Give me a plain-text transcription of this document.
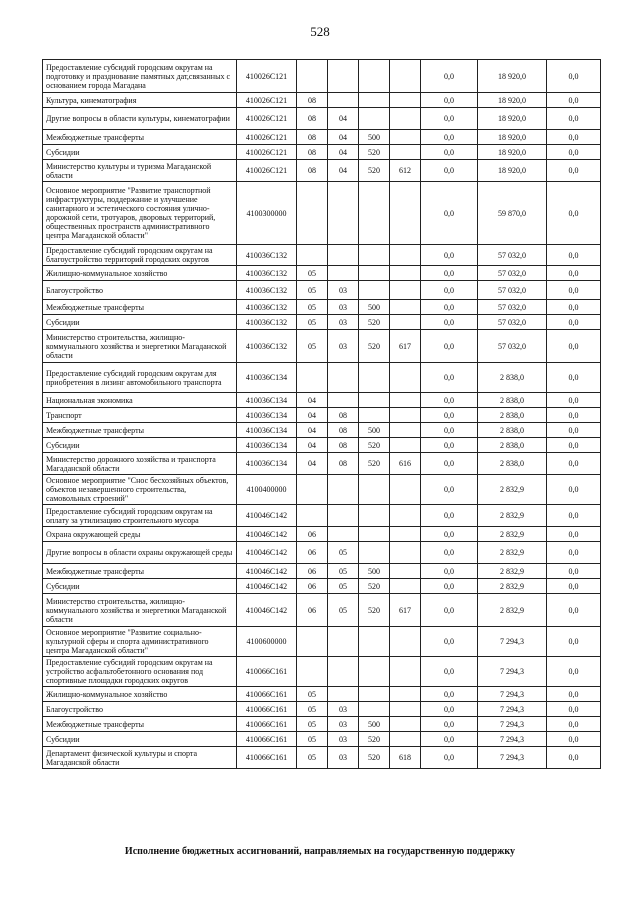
528
Предоставление субсидий городским округам на подготовку и празднование памятных дат,связанных с основанием города Магадана	410026С121					0,0	18 920,0	0,0
Культура, кинематография	410026С121	08				0,0	18 920,0	0,0
Другие вопросы в области культуры, кинематографии	410026С121	08	04			0,0	18 920,0	0,0
Межбюджетные трансферты	410026С121	08	04	500		0,0	18 920,0	0,0
Субсидии	410026С121	08	04	520		0,0	18 920,0	0,0
Министерство культуры и туризма Магаданской области	410026С121	08	04	520	612	0,0	18 920,0	0,0
Основное мероприятие "Развитие транспортной инфраструктуры, поддержание и улучшение санитарного и эстетического состояния улично-дорожной сети, тротуаров, дворовых территорий, общественных пространств административного центра Магаданской области"	4100300000					0,0	59 870,0	0,0
Предоставление субсидий городским округам на благоустройство территорий городских округов	410036С132					0,0	57 032,0	0,0
Жилищно-коммунальное хозяйство	410036С132	05				0,0	57 032,0	0,0
Благоустройство	410036С132	05	03			0,0	57 032,0	0,0
Межбюджетные трансферты	410036С132	05	03	500		0,0	57 032,0	0,0
Субсидии	410036С132	05	03	520		0,0	57 032,0	0,0
Министерство строительства, жилищно-коммунального хозяйства и энергетики Магаданской области	410036С132	05	03	520	617	0,0	57 032,0	0,0
Предоставление субсидий городским округам для приобретения в лизинг автомобильного транспорта	410036С134					0,0	2 838,0	0,0
Национальная экономика	410036С134	04				0,0	2 838,0	0,0
Транспорт	410036С134	04	08			0,0	2 838,0	0,0
Межбюджетные трансферты	410036С134	04	08	500		0,0	2 838,0	0,0
Субсидии	410036С134	04	08	520		0,0	2 838,0	0,0
Министерство дорожного хозяйства и транспорта Магаданской области	410036С134	04	08	520	616	0,0	2 838,0	0,0
Основное мероприятие "Снос бесхозяйных объектов, объектов незавершенного строительства, самовольных строений"	4100400000					0,0	2 832,9	0,0
Предоставление субсидий городским округам на оплату за утилизацию строительного мусора	410046С142					0,0	2 832,9	0,0
Охрана окружающей среды	410046С142	06				0,0	2 832,9	0,0
Другие вопросы в области охраны окружающей среды	410046С142	06	05			0,0	2 832,9	0,0
Межбюджетные трансферты	410046С142	06	05	500		0,0	2 832,9	0,0
Субсидии	410046С142	06	05	520		0,0	2 832,9	0,0
Министерство строительства, жилищно-коммунального хозяйства и энергетики Магаданской области	410046С142	06	05	520	617	0,0	2 832,9	0,0
Основное мероприятие "Развитие социально-культурной сферы и спорта административного центра Магаданской области"	4100600000					0,0	7 294,3	0,0
Предоставление субсидий городским округам на устройство асфальтобетонного основания под спортивные площадки городских округов	410066С161					0,0	7 294,3	0,0
Жилищно-коммунальное хозяйство	410066С161	05				0,0	7 294,3	0,0
Благоустройство	410066С161	05	03			0,0	7 294,3	0,0
Межбюджетные трансферты	410066С161	05	03	500		0,0	7 294,3	0,0
Субсидии	410066С161	05	03	520		0,0	7 294,3	0,0
Департамент физической культуры и спорта Магаданской области	410066С161	05	03	520	618	0,0	7 294,3	0,0
Исполнение бюджетных ассигнований, направляемых на государственную поддержку
